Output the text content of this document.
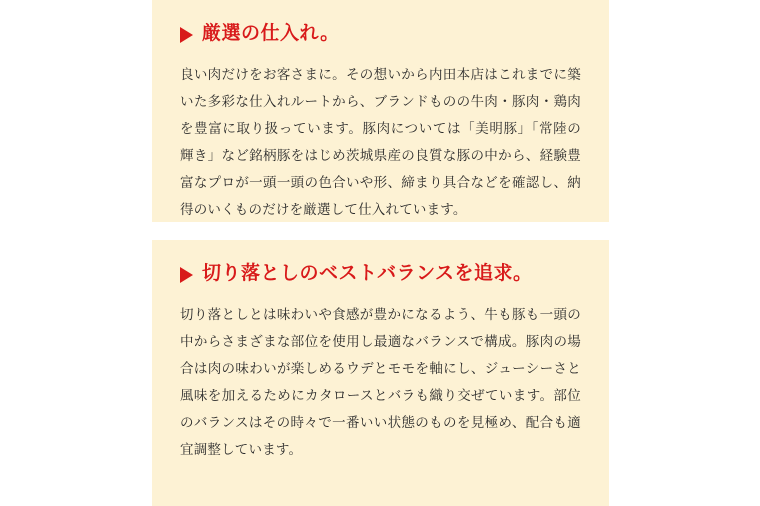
厳選の仕入れ。

良い肉だけをお客さまに。その想いから内田本店はこれまでに築いた多彩な仕入れルートから、ブランドものの牛肉・豚肉・鶏肉を豊富に取り扱っています。豚肉については「美明豚」「常陸の輝き」など銘柄豚をはじめ茨城県産の良質な豚の中から、経験豊富なプロが一頭一頭の色合いや形、締まり具合などを確認し、納得のいくものだけを厳選して仕入れています。

切り落としのベストバランスを追求。

切り落としとは味わいや食感が豊かになるよう、牛も豚も一頭の中からさまざまな部位を使用し最適なバランスで構成。豚肉の場合は肉の味わいが楽しめるウデとモモを軸にし、ジューシーさと風味を加えるためにカタロースとバラも織り交ぜています。部位のバランスはその時々で一番いい状態のものを見極め、配合も適宜調整しています。
